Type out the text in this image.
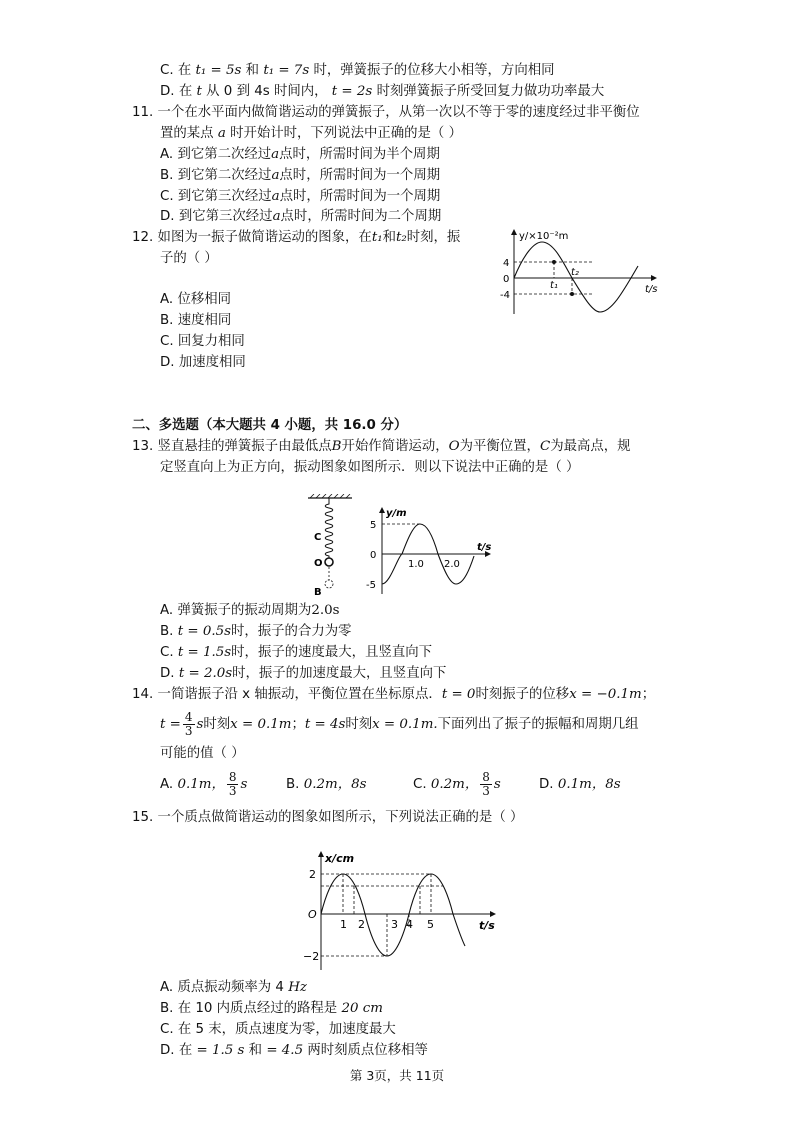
C. 在 t₁ = 5s 和 t₁ = 7s 时，弹簧振子的位移大小相等，方向相同
D. 在 t 从 0 到 4s 时间内， t = 2s 时刻弹簧振子所受回复力做功功率最大
11. 一个在水平面内做简谐运动的弹簧振子，从第一次以不等于零的速度经过非平衡位
置的某点 a 时开始计时，下列说法中正确的是（ ）
A. 到它第二次经过a点时，所需时间为半个周期
B. 到它第二次经过a点时，所需时间为一个周期
C. 到它第三次经过a点时，所需时间为一个周期
D. 到它第三次经过a点时，所需时间为二个周期
12. 如图为一振子做简谐运动的图象，在t₁和t₂时刻，振
子的（ ）
A. 位移相同
B. 速度相同
C. 回复力相同
D. 加速度相同
y/×10⁻²m
t/s
4
0
-4
t₁
t₂
二、多选题（本大题共 4 小题，共 16.0 分）
13. 竖直悬挂的弹簧振子由最低点B开始作简谐运动，O为平衡位置，C为最高点，规
定竖直向上为正方向，振动图象如图所示．则以下说法中正确的是（ ）
C
O
B
y/m
t/s
5
0
-5
1.0 2.0
A. 弹簧振子的振动周期为2.0s
B. t = 0.5s时，振子的合力为零
C. t = 1.5s时，振子的速度最大，且竖直向下
D. t = 2.0s时，振子的加速度最大，且竖直向下
14. 一简谐振子沿 x 轴振动，平衡位置在坐标原点．t = 0时刻振子的位移x = −0.1m；
$t = \frac{4}{3}$ s时刻x = 0.1m；t = 4s时刻x = 0.1m.下面列出了振子的振幅和周期几组
可能的值（ ）
A. 0.1m， $\frac{8}{3}$ s	B. 0.2m，8s	C. 0.2m， $\frac{8}{3}$ s	D. 0.1m，8s
15. 一个质点做简谐运动的图象如图所示，下列说法正确的是（ ）
x/cm
t/s
O
2
−2
1 2 3 4 5
A. 质点振动频率为 4 Hz
B. 在 10 内质点经过的路程是 20 cm
C. 在 5 末，质点速度为零，加速度最大
D. 在 = 1.5 s 和 = 4.5 两时刻质点位移相等
第 3页，共 11页
